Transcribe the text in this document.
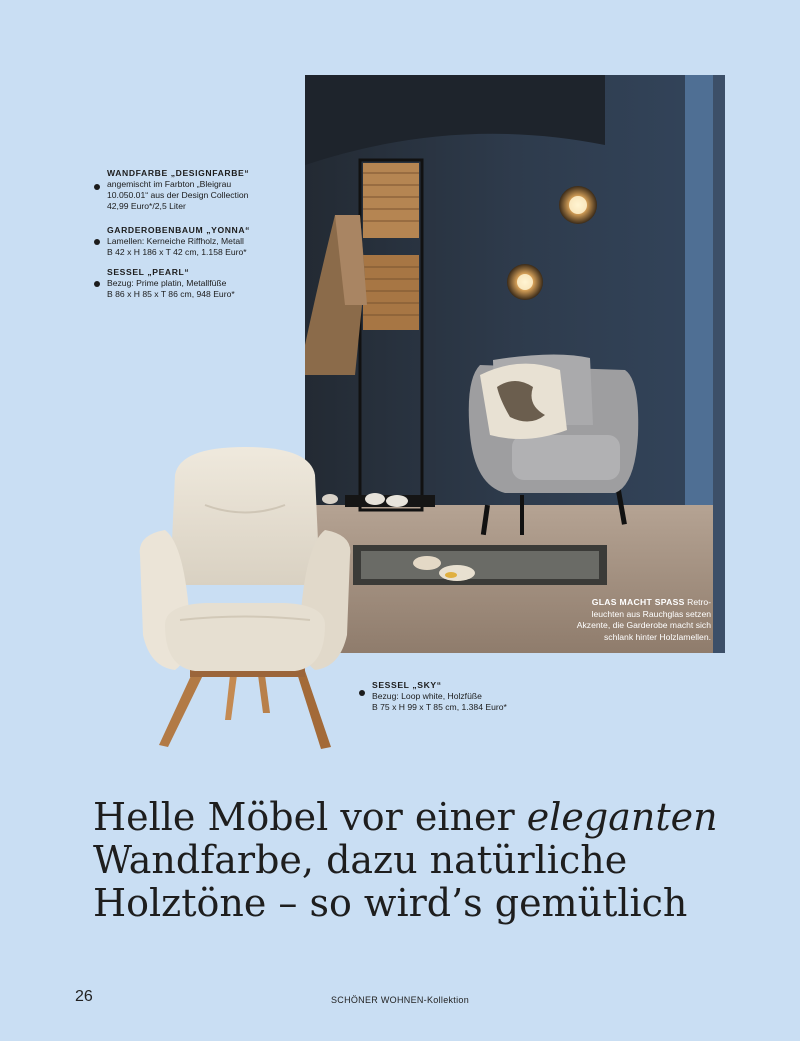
GLAS MACHT SPASS Retro-leuchten aus Rauchglas setzen Akzente, die Garderobe macht sich schlank hinter Holzlamellen.
WANDFARBE „DESIGNFARBE“
angemischt im Farbton „Bleigrau
10.050.01“ aus der Design Collection
42,99 Euro*/2,5 Liter
GARDEROBENBAUM „YONNA“
Lamellen: Kerneiche Riffholz, Metall
B 42 x H 186 x T 42 cm, 1.158 Euro*
SESSEL „PEARL“
Bezug: Prime platin, Metallfüße
B 86 x H 85 x T 86 cm, 948 Euro*
SESSEL „SKY“
Bezug: Loop white, Holzfüße
B 75 x H 99 x T 85 cm, 1.384 Euro*
Helle Möbel vor einer eleganten
Wandfarbe, dazu natürliche
Holztöne – so wird’s gemütlich
26	SCHÖNER WOHNEN-Kollektion
